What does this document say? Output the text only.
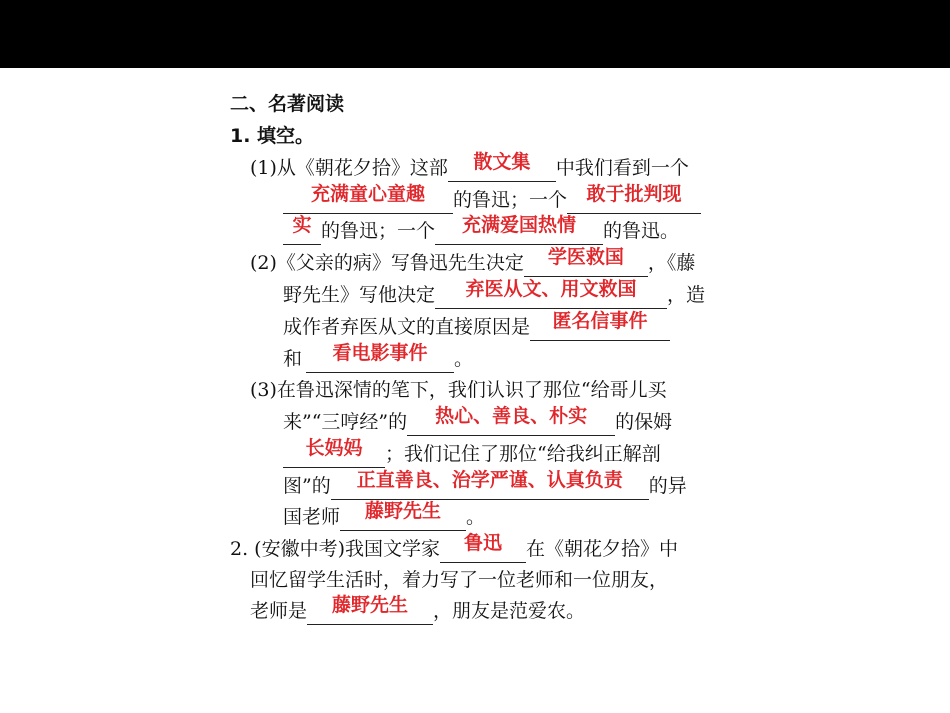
二、名著阅读
1. 填空。
(1)从《朝花夕拾》这部 散文集 中我们看到一个
充满童心童趣 的鲁迅；一个 敢于批判现
实 的鲁迅；一个 充满爱国热情 的鲁迅。
(2)《父亲的病》写鲁迅先生决定 学医救国 ，《藤
野先生》写他决定 弃医从文、用文救国 ，造
成作者弃医从文的直接原因是 匿名信事件
和 看电影事件 。
(3)在鲁迅深情的笔下，我们认识了那位“给哥儿买
来”“三哼经”的 热心、善良、朴实 的保姆
长妈妈 ；我们记住了那位“给我纠正解剖
图”的 正直善良、治学严谨、认真负责 的异
国老师 藤野先生 。
2. (安徽中考)我国文学家 鲁迅 在《朝花夕拾》中
回忆留学生活时，着力写了一位老师和一位朋友，
老师是 藤野先生 ，朋友是范爱农。
